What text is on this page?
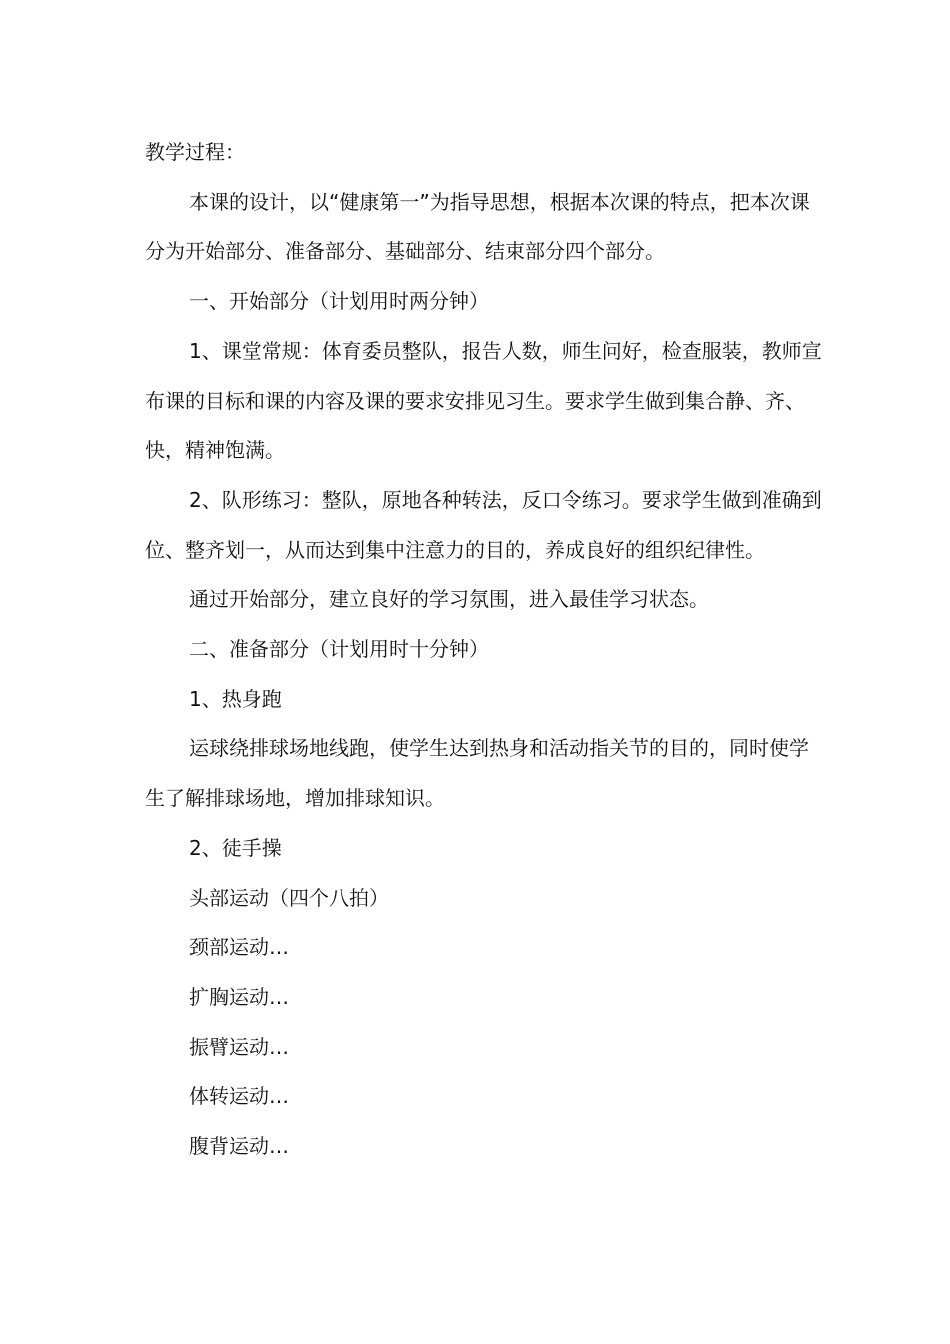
教学过程：

本课的设计，以“健康第一”为指导思想，根据本次课的特点，把本次课分为开始部分、准备部分、基础部分、结束部分四个部分。

一、开始部分（计划用时两分钟）

1、课堂常规：体育委员整队，报告人数，师生问好，检查服装，教师宣布课的目标和课的内容及课的要求安排见习生。要求学生做到集合静、齐、快，精神饱满。

2、队形练习：整队，原地各种转法，反口令练习。要求学生做到准确到位、整齐划一，从而达到集中注意力的目的，养成良好的组织纪律性。

通过开始部分，建立良好的学习氛围，进入最佳学习状态。

二、准备部分（计划用时十分钟）

1、热身跑

运球绕排球场地线跑，使学生达到热身和活动指关节的目的，同时使学生了解排球场地，增加排球知识。

2、徒手操

头部运动（四个八拍）

颈部运动…

扩胸运动…

振臂运动…

体转运动…

腹背运动…
